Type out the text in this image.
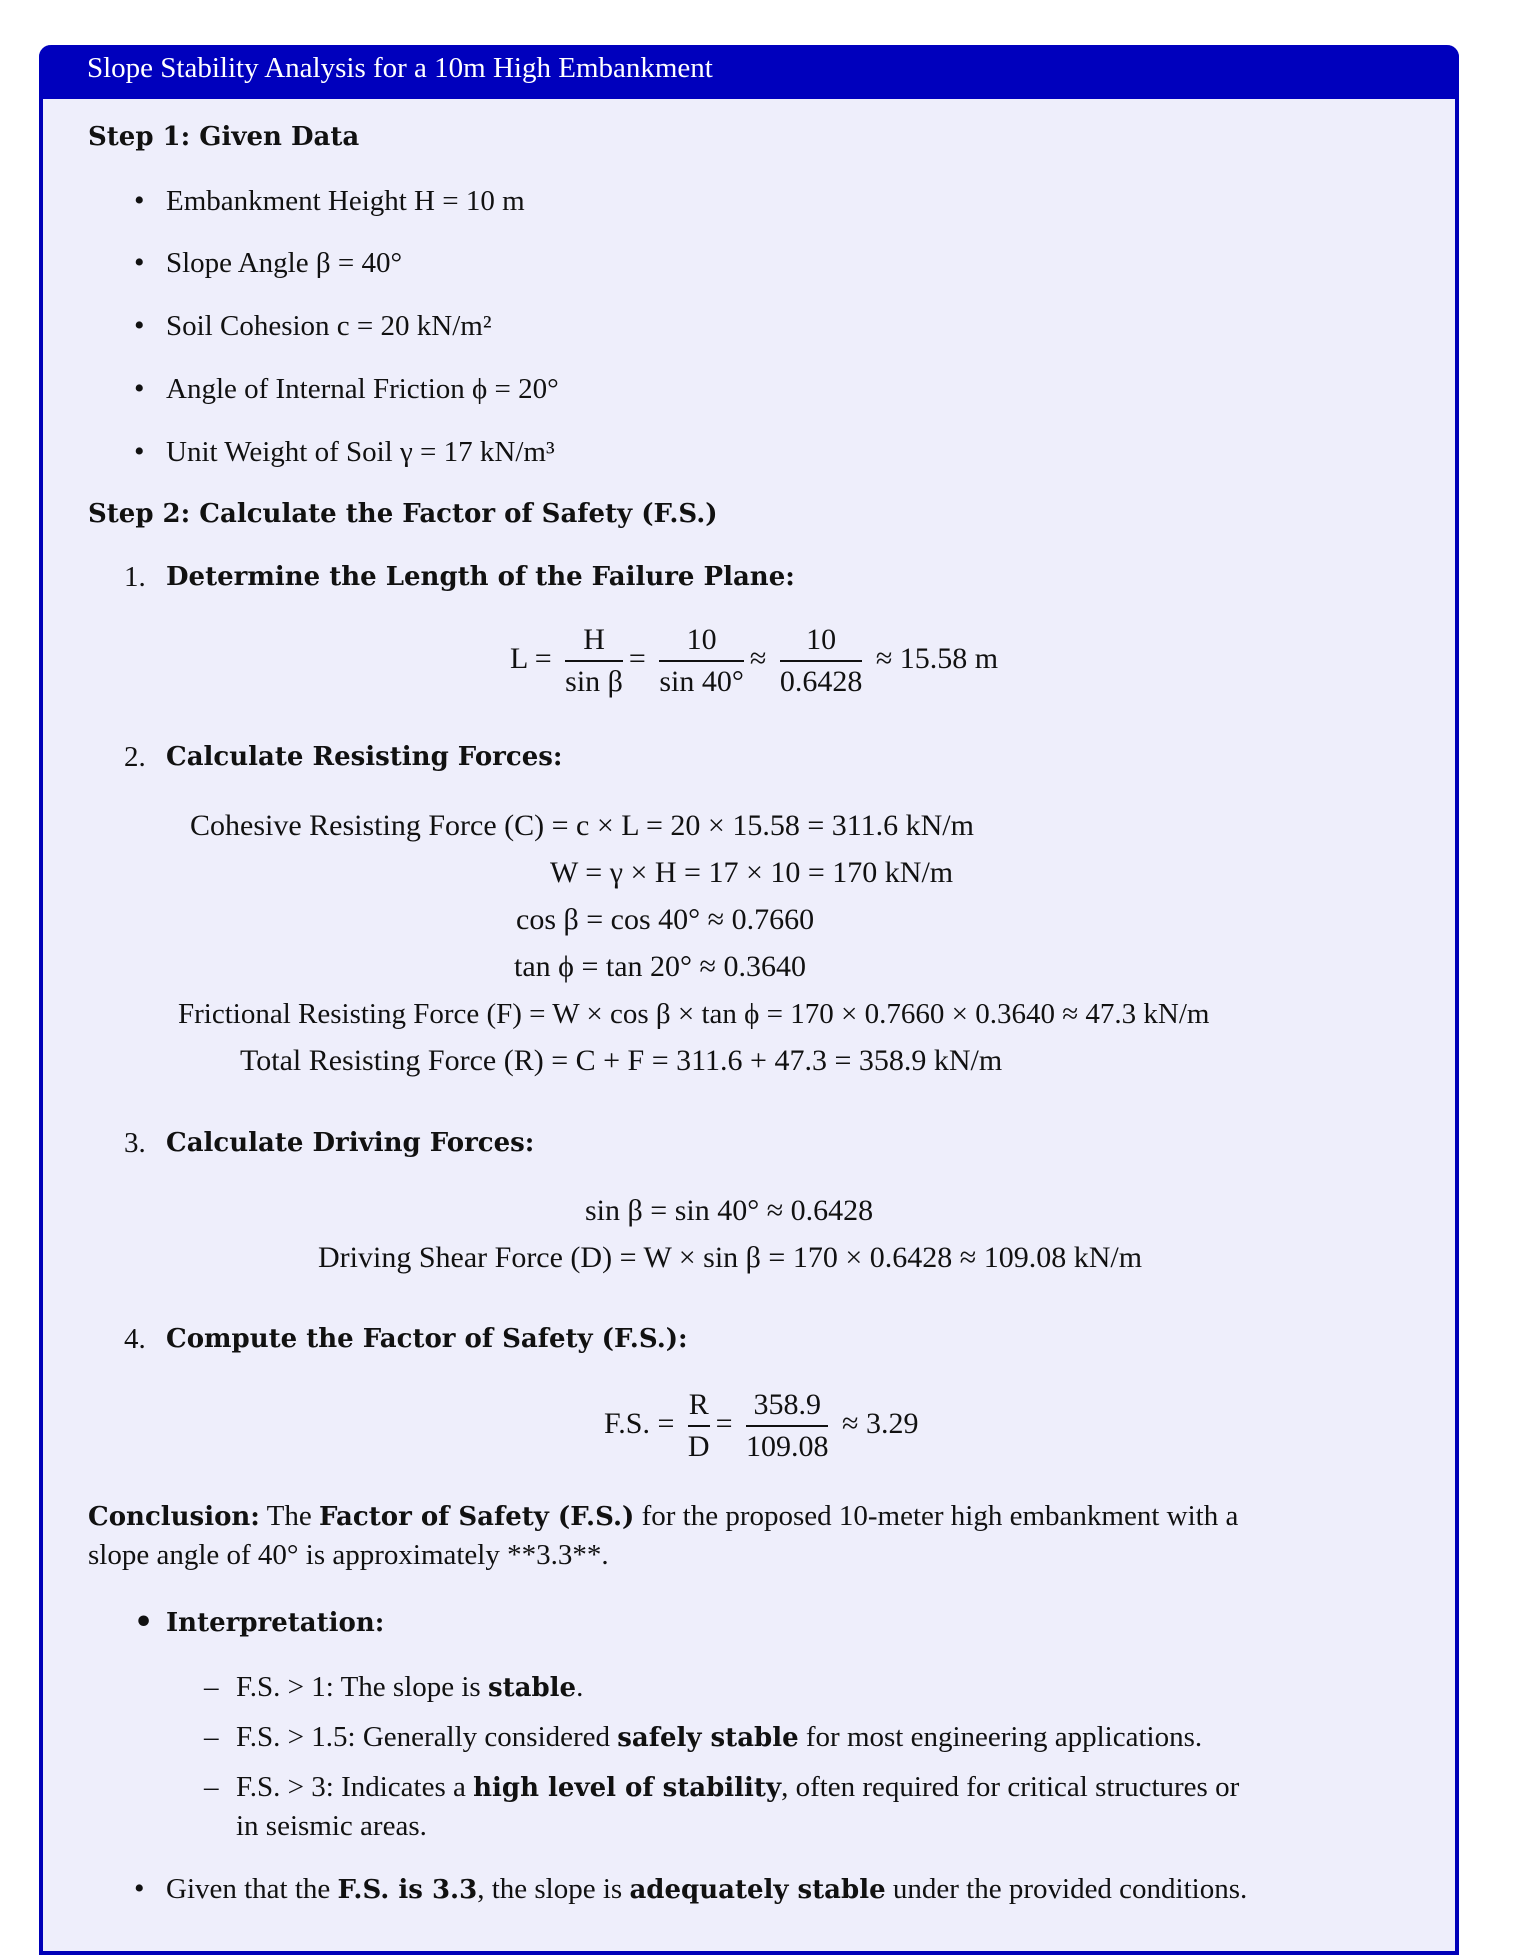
Slope Stability Analysis for a 10m High Embankment
Step 1: Given Data
• Embankment Height H = 10 m
• Slope Angle β = 40°
• Soil Cohesion c = 20 kN/m²
• Angle of Internal Friction ϕ = 20°
• Unit Weight of Soil γ = 17 kN/m³
Step 2: Calculate the Factor of Safety (F.S.)
1. Determine the Length of the Failure Plane:
$L = \frac{H}{\text{sin β}} = \frac{10}{\sin 40^\circ} \approx \frac{10}{0.6428} \approx 15.58$ m
2. Calculate Resisting Forces:
Cohesive Resisting Force (C) = c × L = 20 × 15.58 = 311.6 kN/m
W = γ × H = 17 × 10 = 170 kN/m
cos β = cos 40° ≈ 0.7660
tan ϕ = tan 20° ≈ 0.3640
Frictional Resisting Force (F) = W × cos β × tan ϕ = 170 × 0.7660 × 0.3640 ≈ 47.3 kN/m
Total Resisting Force (R) = C + F = 311.6 + 47.3 = 358.9 kN/m
3. Calculate Driving Forces:
sin β = sin 40° ≈ 0.6428
Driving Shear Force (D) = W × sin β = 170 × 0.6428 ≈ 109.08 kN/m
4. Compute the Factor of Safety (F.S.):
F.S. = $\frac{R}{D} = \frac{358.9}{109.08} \approx 3.29$
Conclusion: The Factor of Safety (F.S.) for the proposed 10-meter high embankment with a
slope angle of 40° is approximately **3.3**.
• Interpretation:
– F.S. > 1: The slope is stable.
– F.S. > 1.5: Generally considered safely stable for most engineering applications.
– F.S. > 3: Indicates a high level of stability, often required for critical structures or
in seismic areas.
• Given that the F.S. is 3.3, the slope is adequately stable under the provided conditions.
